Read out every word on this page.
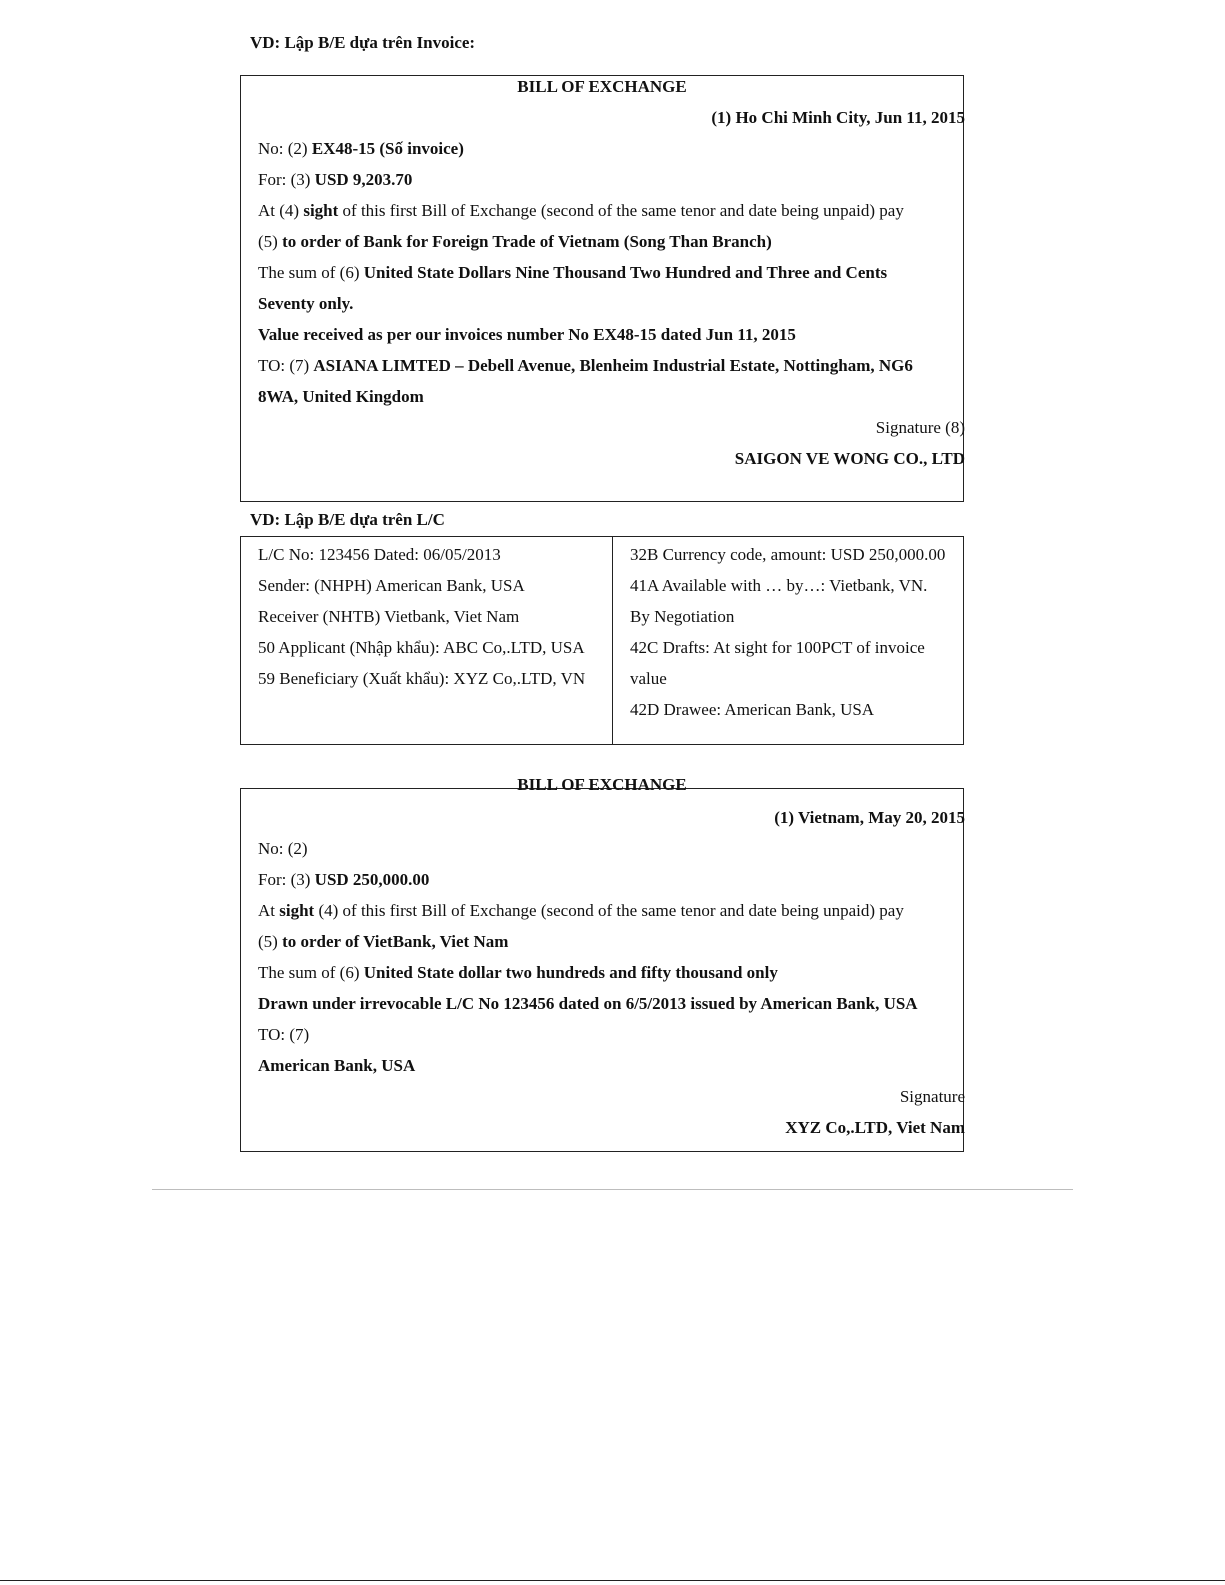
VD: Lập B/E dựa trên Invoice:
BILL OF EXCHANGE
(1) Ho Chi Minh City, Jun 11, 2015
No: (2) EX48-15 (Số invoice)
For: (3) USD 9,203.70
At (4) sight of this first Bill of Exchange (second of the same tenor and date being unpaid) pay
(5) to order of Bank for Foreign Trade of Vietnam (Song Than Branch)
The sum of (6) United State Dollars Nine Thousand Two Hundred and Three and Cents
Seventy only.
Value received as per our invoices number No EX48-15 dated Jun 11, 2015
TO: (7) ASIANA LIMTED – Debell Avenue, Blenheim Industrial Estate, Nottingham, NG6
8WA, United Kingdom
Signature (8)
SAIGON VE WONG CO., LTD
VD: Lập B/E dựa trên L/C
L/C No: 123456 Dated: 06/05/2013
Sender: (NHPH) American Bank, USA
Receiver (NHTB) Vietbank, Viet Nam
50 Applicant (Nhập khẩu): ABC Co,.LTD, USA
59 Beneficiary (Xuất khẩu): XYZ Co,.LTD, VN
32B Currency code, amount: USD 250,000.00
41A Available with … by…: Vietbank, VN.
By Negotiation
42C Drafts: At sight for 100PCT of invoice
value
42D Drawee: American Bank, USA
BILL OF EXCHANGE
(1) Vietnam, May 20, 2015
No: (2)
For: (3) USD 250,000.00
At sight (4) of this first Bill of Exchange (second of the same tenor and date being unpaid) pay
(5) to order of VietBank, Viet Nam
The sum of (6) United State dollar two hundreds and fifty thousand only
Drawn under irrevocable L/C No 123456 dated on 6/5/2013 issued by American Bank, USA
TO: (7)
American Bank, USA
Signature
XYZ Co,.LTD, Viet Nam
